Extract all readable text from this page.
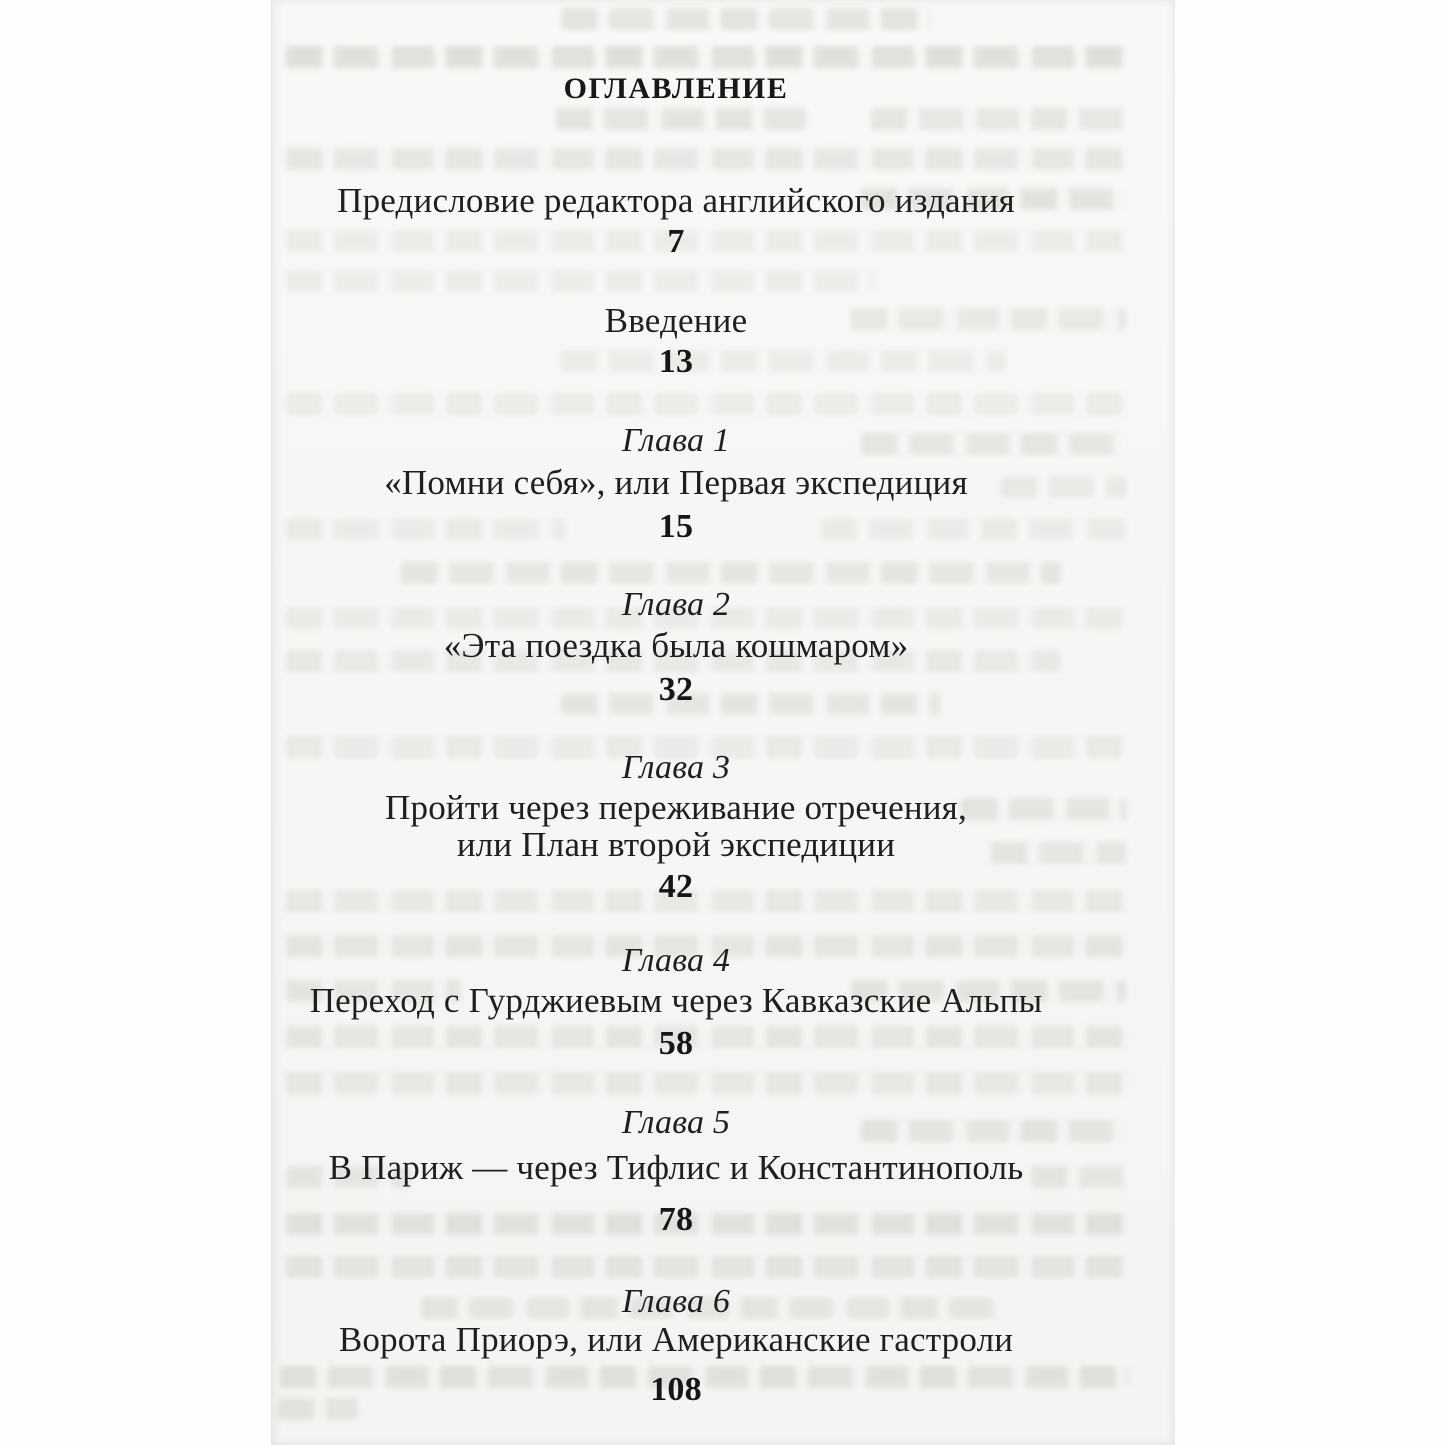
ОГЛАВЛЕНИЕ
Предисловие редактора английского издания
7
Введение
13
Глава 1
«Помни себя», или Первая экспедиция
15
Глава 2
«Эта поездка была кошмаром»
32
Глава 3
Пройти через переживание отречения,
или План второй экспедиции
42
Глава 4
Переход с Гурджиевым через Кавказские Альпы
58
Глава 5
В Париж — через Тифлис и Константинополь
78
Глава 6
Ворота Приорэ, или Американские гастроли
108
